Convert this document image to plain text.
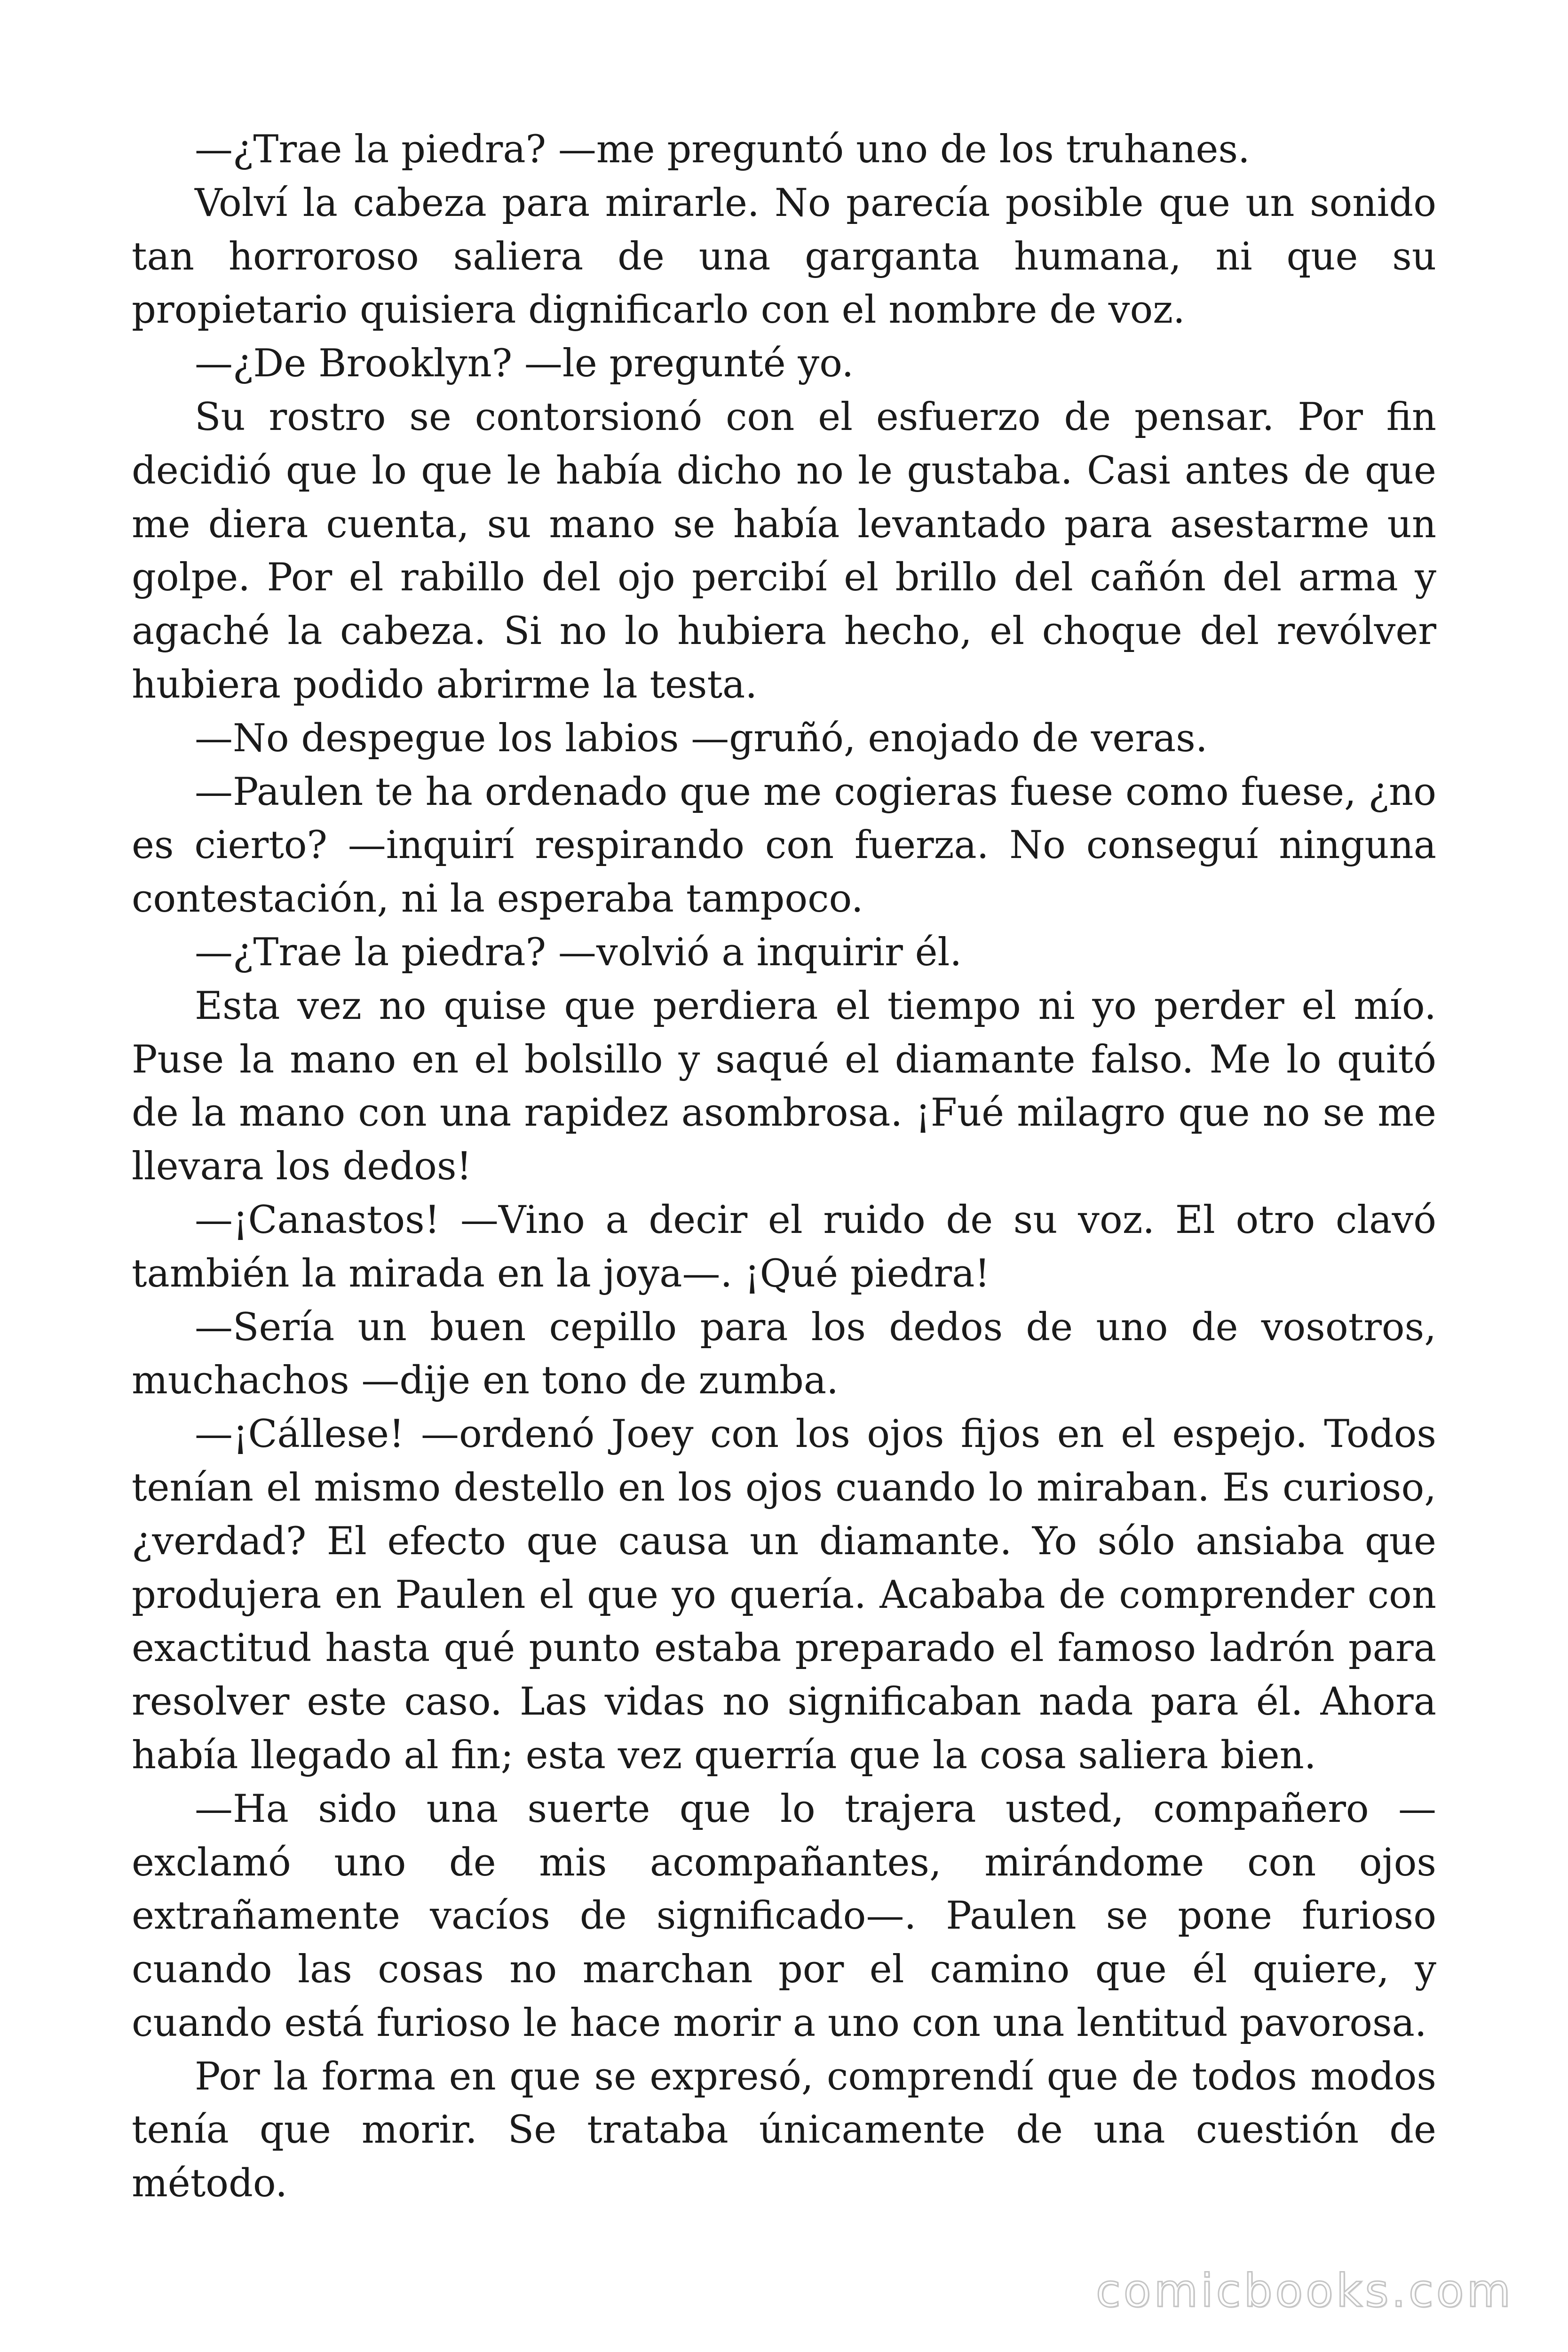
—¿Trae la piedra? —me preguntó uno de los truhanes.

Volví la cabeza para mirarle. No parecía posible que un sonido tan horroroso saliera de una garganta humana, ni que su propietario quisiera dignificarlo con el nombre de voz.

—¿De Brooklyn? —le pregunté yo.

Su rostro se contorsionó con el esfuerzo de pensar. Por fin decidió que lo que le había dicho no le gustaba. Casi antes de que me diera cuenta, su mano se había levantado para asestarme un golpe. Por el rabillo del ojo percibí el brillo del cañón del arma y agaché la cabeza. Si no lo hubiera hecho, el choque del revólver hubiera podido abrirme la testa.

—No despegue los labios —gruñó, enojado de veras.

—Paulen te ha ordenado que me cogieras fuese como fuese, ¿no es cierto? —inquirí respirando con fuerza. No conseguí ninguna contestación, ni la esperaba tampoco.

—¿Trae la piedra? —volvió a inquirir él.

Esta vez no quise que perdiera el tiempo ni yo perder el mío. Puse la mano en el bolsillo y saqué el diamante falso. Me lo quitó de la mano con una rapidez asombrosa. ¡Fué milagro que no se me llevara los dedos!

—¡Canastos! —Vino a decir el ruido de su voz. El otro clavó también la mirada en la joya—. ¡Qué piedra!

—Sería un buen cepillo para los dedos de uno de vosotros, muchachos —dije en tono de zumba.

—¡Cállese! —ordenó Joey con los ojos fijos en el espejo. Todos tenían el mismo destello en los ojos cuando lo miraban. Es curioso, ¿verdad? El efecto que causa un diamante. Yo sólo ansiaba que produjera en Paulen el que yo quería. Acababa de comprender con exactitud hasta qué punto estaba preparado el famoso ladrón para resolver este caso. Las vidas no significaban nada para él. Ahora había llegado al fin; esta vez querría que la cosa saliera bien.

—Ha sido una suerte que lo trajera usted, compañero —exclamó uno de mis acompañantes, mirándome con ojos extrañamente vacíos de significado—. Paulen se pone furioso cuando las cosas no marchan por el camino que él quiere, y cuando está furioso le hace morir a uno con una lentitud pavorosa.

Por la forma en que se expresó, comprendí que de todos modos tenía que morir. Se trataba únicamente de una cuestión de método.

comicbooks.com
